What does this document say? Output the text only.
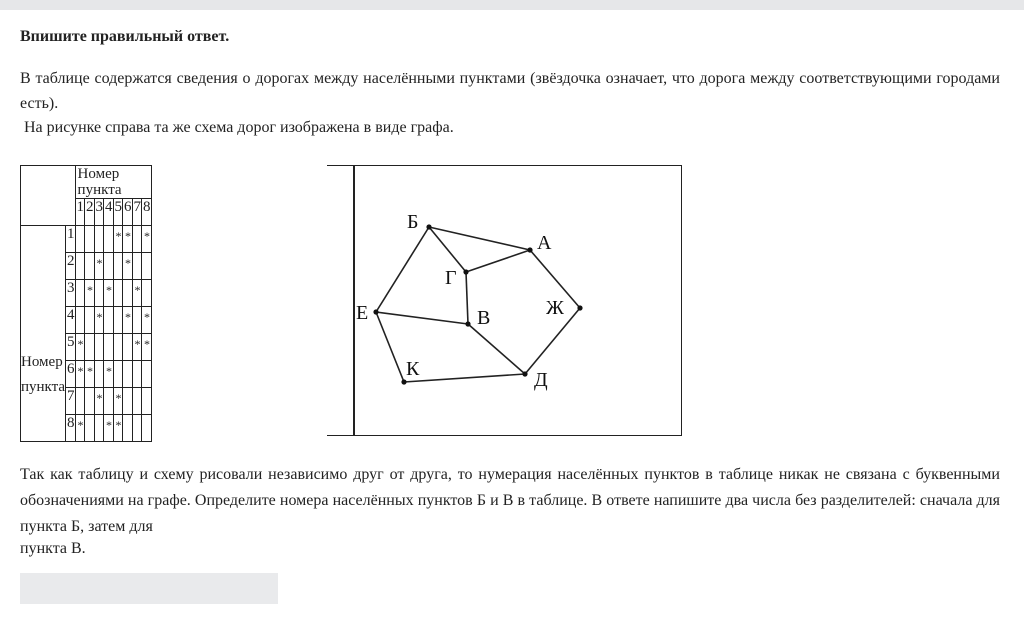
Впишите правильный ответ.
В таблице содержатся сведения о дорогах между населёнными пунктами (звёздочка означает, что дорога между соответствующими городами есть).
На рисунке справа та же схема дорог изображена в виде графа.
		Номер пункта							
		1	2	3	4	5	6	7	8

Номер
пункта	1					*	*		*
	2			*			*		
	3		*		*			*	
	4			*			*		*
	5	*						*	*
	6	*	*		*				
	7			*		*			
	8	*			*	*			
Б
А
Г
Ж
Е	В
К	Д
Так как таблицу и схему рисовали независимо друг от друга, то нумерация населённых пунктов в таблице никак не связана с буквенными обозначениями на графе. Определите номера населённых пунктов Б и В в таблице. В ответе напишите два числа без разделителей: сначала для пункта Б, затем для
пункта В.
